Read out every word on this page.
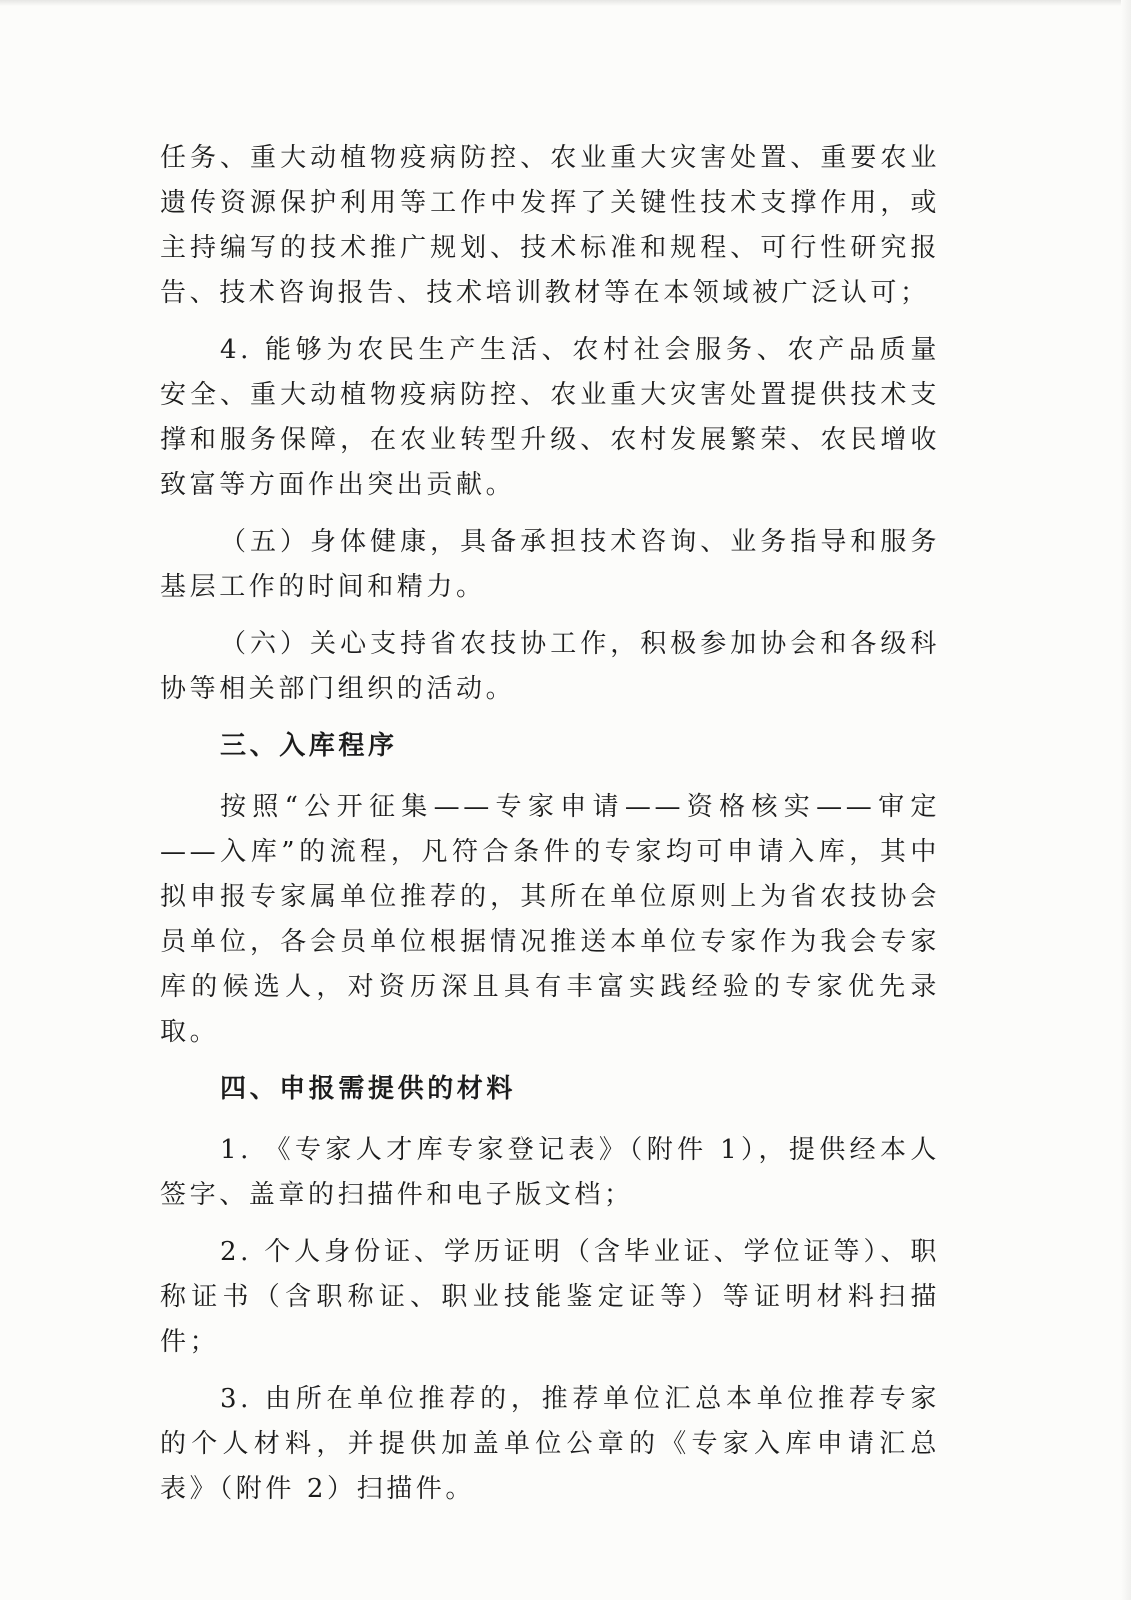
任务、重大动植物疫病防控、农业重大灾害处置、重要农业遗传资源保护利用等工作中发挥了关键性技术支撑作用，或主持编写的技术推广规划、技术标准和规程、可行性研究报告、技术咨询报告、技术培训教材等在本领域被广泛认可；

4. 能够为农民生产生活、农村社会服务、农产品质量安全、重大动植物疫病防控、农业重大灾害处置提供技术支撑和服务保障，在农业转型升级、农村发展繁荣、农民增收致富等方面作出突出贡献。

（五）身体健康，具备承担技术咨询、业务指导和服务基层工作的时间和精力。

（六）关心支持省农技协工作，积极参加协会和各级科协等相关部门组织的活动。

三、入库程序

按照“公开征集——专家申请——资格核实——审定——入库”的流程，凡符合条件的专家均可申请入库，其中拟申报专家属单位推荐的，其所在单位原则上为省农技协会员单位，各会员单位根据情况推送本单位专家作为我会专家库的候选人，对资历深且具有丰富实践经验的专家优先录取。

四、申报需提供的材料

1. 《专家人才库专家登记表》（附件 1），提供经本人签字、盖章的扫描件和电子版文档；

2. 个人身份证、学历证明（含毕业证、学位证等）、职称证书（含职称证、职业技能鉴定证等）等证明材料扫描件；

3. 由所在单位推荐的，推荐单位汇总本单位推荐专家的个人材料，并提供加盖单位公章的《专家入库申请汇总表》（附件 2）扫描件。
